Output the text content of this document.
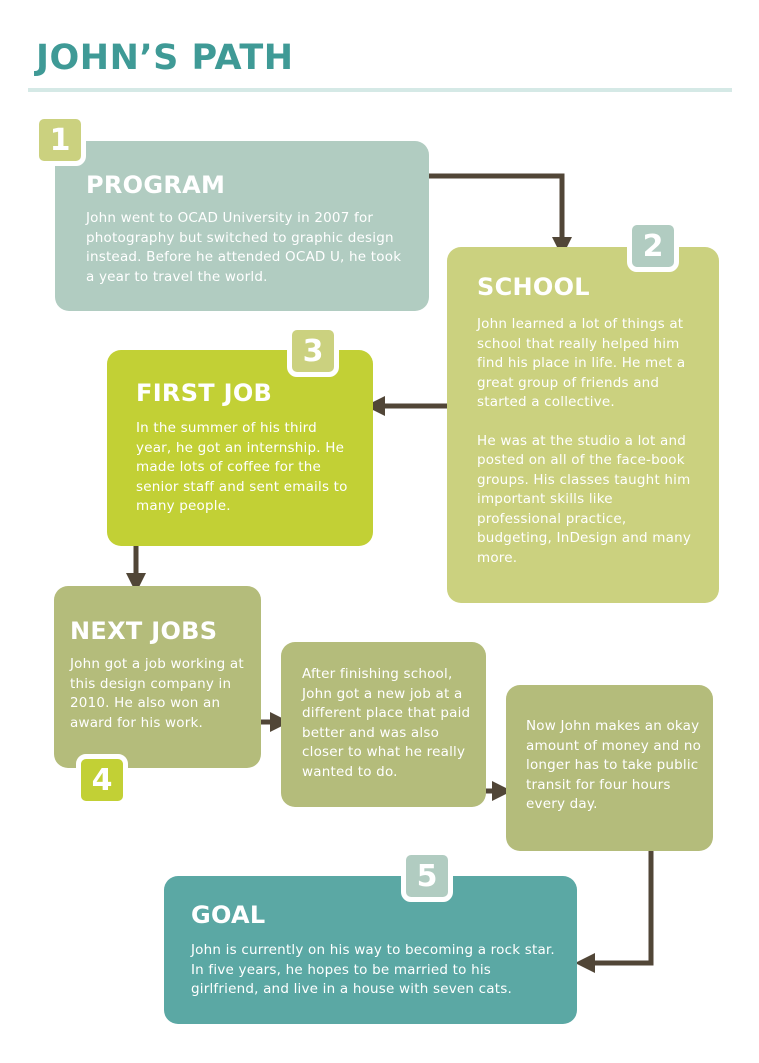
JOHN’S PATH
PROGRAM

John went to OCAD University in 2007 for photography but switched to graphic design instead. Before he attended OCAD U, he took a year to travel the world.

1
SCHOOL

John learned a lot of things at school that really helped him find his place in life. He met a great group of friends and started a collective.

He was at the studio a lot and posted on all of the face-book groups. His classes taught him important skills like professional practice, budgeting, InDesign and many more.

2
FIRST JOB

In the summer of his third year, he got an internship. He made lots of coffee for the senior staff and sent emails to many people.

3
NEXT JOBS

John got a job working at this design company in 2010. He also won an award for his work.

4

After finishing school, John got a new job at a different place that paid better and was also closer to what he really wanted to do.

Now John makes an okay amount of money and no longer has to take public transit for four hours every day.

GOAL

John is currently on his way to becoming a rock star. In five years, he hopes to be married to his girlfriend, and live in a house with seven cats.

5
